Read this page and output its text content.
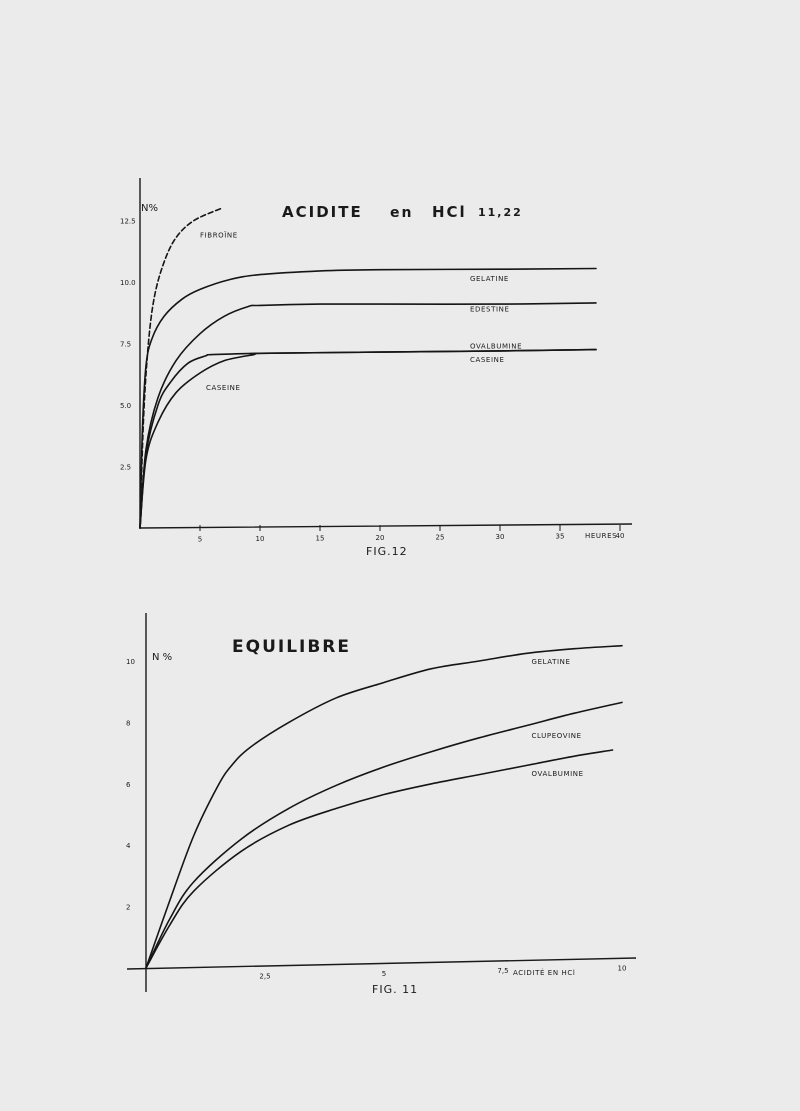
N%	ACIDITE en HCl 11,22
HEURES
FIG.12
5	10	15	20	25	30	35	40
2.5
5.0
7.5
10.0
12.5
FIBROÏNE
GELATINE
EDESTINE
OVALBUMINE
CASEINE
CASEINE
N %
EQUILIBRE
ACIDITÉ EN HCl
FIG. 11
2,5	5	7,5	10
2
4
6
8
10	GELATINE
CLUPEOVINE
OVALBUMINE
